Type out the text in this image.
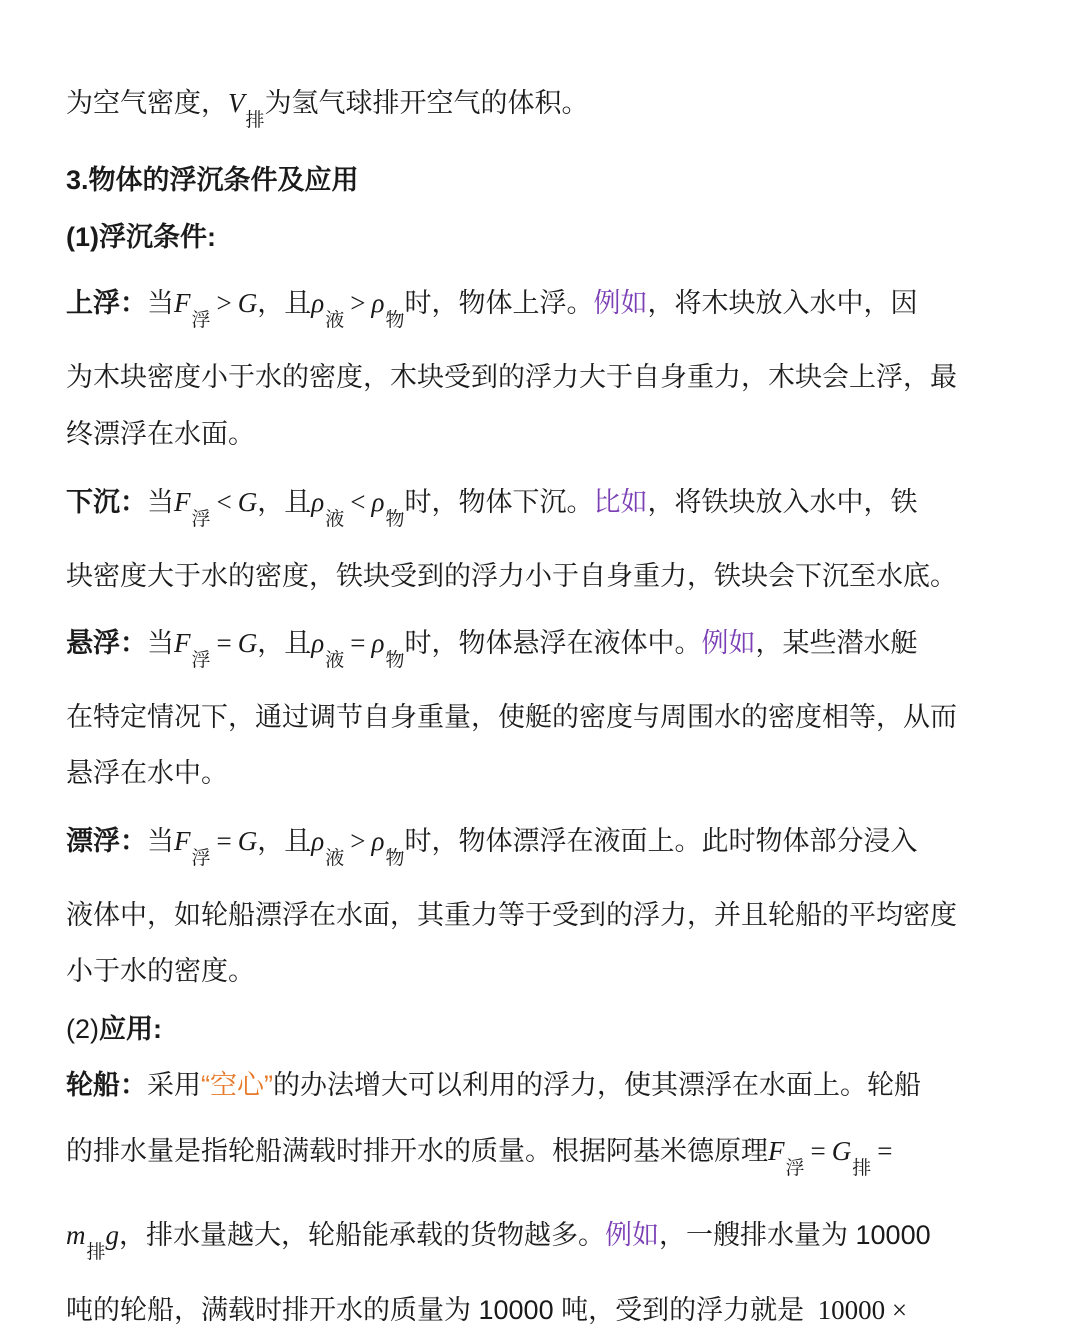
为空气密度，$V_排$为氢气球排开空气的体积。
3.物体的浮沉条件及应用
(1)浮沉条件:
上浮：当$F_浮> G$，且$\rho_液> \rho_物$时，物体上浮。例如，将木块放入水中，因
为木块密度小于水的密度，木块受到的浮力大于自身重力，木块会上浮，最
终漂浮在水面。
下沉：当$F_浮< G$，且$\rho_液< \rho_物$时，物体下沉。比如，将铁块放入水中，铁
块密度大于水的密度，铁块受到的浮力小于自身重力，铁块会下沉至水底。
悬浮：当$F_浮= G$，且$\rho_液= \rho_物$时，物体悬浮在液体中。例如，某些潜水艇
在特定情况下，通过调节自身重量，使艇的密度与周围水的密度相等，从而
悬浮在水中。
漂浮：当$F_浮= G$，且$\rho_液> \rho_物$时，物体漂浮在液面上。此时物体部分浸入
液体中，如轮船漂浮在水面，其重力等于受到的浮力，并且轮船的平均密度
小于水的密度。
(2)应用:
轮船：采用“空心”的办法增大可以利用的浮力，使其漂浮在水面上。轮船
的排水量是指轮船满载时排开水的质量。根据阿基米德原理$F_浮= G_排=$
$m_排g$，排水量越大，轮船能承载的货物越多。例如，一艘排水量为 10000
吨的轮船，满载时排开水的质量为 10000 吨，受到的浮力就是 10000 ×
